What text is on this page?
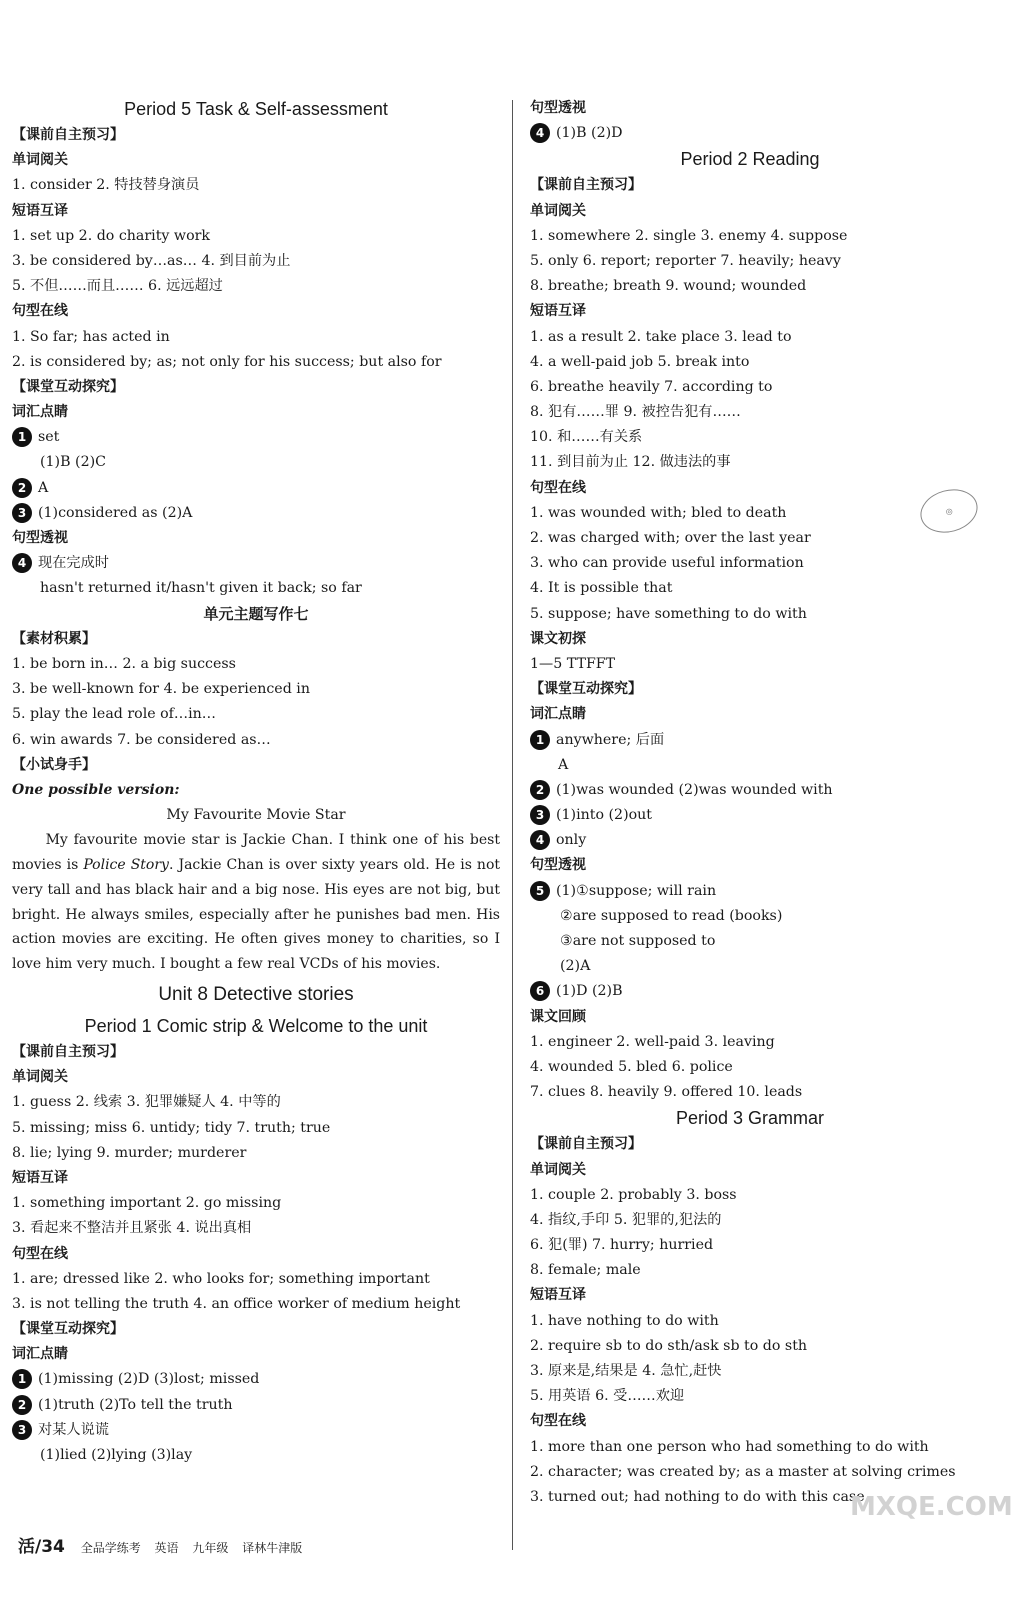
Period 5 Task & Self-assessment
【课前自主预习】
单词阅关
1. consider 2. 特技替身演员
短语互译
1. set up 2. do charity work
3. be considered by…as… 4. 到目前为止
5. 不但……而且…… 6. 远远超过
句型在线
1. So far; has acted in
2. is considered by; as; not only for his success; but also for
【课堂互动探究】
词汇点睛
1 set
(1)B (2)C
2 A
3 (1)considered as (2)A
句型透视
4 现在完成时
hasn't returned it/hasn't given it back; so far
单元主题写作七
【素材积累】
1. be born in… 2. a big success
3. be well-known for 4. be experienced in
5. play the lead role of…in…
6. win awards 7. be considered as…
【小试身手】
One possible version:
My Favourite Movie Star

My favourite movie star is Jackie Chan. I think one of his best movies is Police Story. Jackie Chan is over sixty years old. He is not very tall and has black hair and a big nose. His eyes are not big, but bright. He always smiles, especially after he punishes bad men. His action movies are exciting. He often gives money to charities, so I love him very much. I bought a few real VCDs of his movies.

Unit 8 Detective stories
Period 1 Comic strip & Welcome to the unit
【课前自主预习】
单词阅关
1. guess 2. 线索 3. 犯罪嫌疑人 4. 中等的
5. missing; miss 6. untidy; tidy 7. truth; true
8. lie; lying 9. murder; murderer
短语互译
1. something important 2. go missing
3. 看起来不整洁并且紧张 4. 说出真相
句型在线
1. are; dressed like 2. who looks for; something important
3. is not telling the truth 4. an office worker of medium height
【课堂互动探究】
词汇点睛
1 (1)missing (2)D (3)lost; missed
2 (1)truth (2)To tell the truth
3 对某人说谎
(1)lied (2)lying (3)lay
句型透视
4 (1)B (2)D
Period 2 Reading
【课前自主预习】
单词阅关
1. somewhere 2. single 3. enemy 4. suppose
5. only 6. report; reporter 7. heavily; heavy
8. breathe; breath 9. wound; wounded
短语互译
1. as a result 2. take place 3. lead to
4. a well-paid job 5. break into
6. breathe heavily 7. according to
8. 犯有……罪 9. 被控告犯有……
10. 和……有关系
11. 到目前为止 12. 做违法的事
句型在线
1. was wounded with; bled to death
2. was charged with; over the last year
3. who can provide useful information
4. It is possible that
5. suppose; have something to do with
课文初探
1—5 TTFFT
【课堂互动探究】
词汇点睛
1 anywhere; 后面
A
2 (1)was wounded (2)was wounded with
3 (1)into (2)out
4 only
句型透视
5 (1)①suppose; will rain
②are supposed to read (books)
③are not supposed to
(2)A
6 (1)D (2)B
课文回顾
1. engineer 2. well-paid 3. leaving
4. wounded 5. bled 6. police
7. clues 8. heavily 9. offered 10. leads
Period 3 Grammar
【课前自主预习】
单词阅关
1. couple 2. probably 3. boss
4. 指纹,手印 5. 犯罪的,犯法的
6. 犯(罪) 7. hurry; hurried
8. female; male
短语互译
1. have nothing to do with
2. require sb to do sth/ask sb to do sth
3. 原来是,结果是 4. 急忙,赶快
5. 用英语 6. 受……欢迎
句型在线
1. more than one person who had something to do with
2. character; was created by; as a master at solving crimes
3. turned out; had nothing to do with this case
◎
MXQE.COM
活/34 全品学练考 英语 九年级 译林牛津版
